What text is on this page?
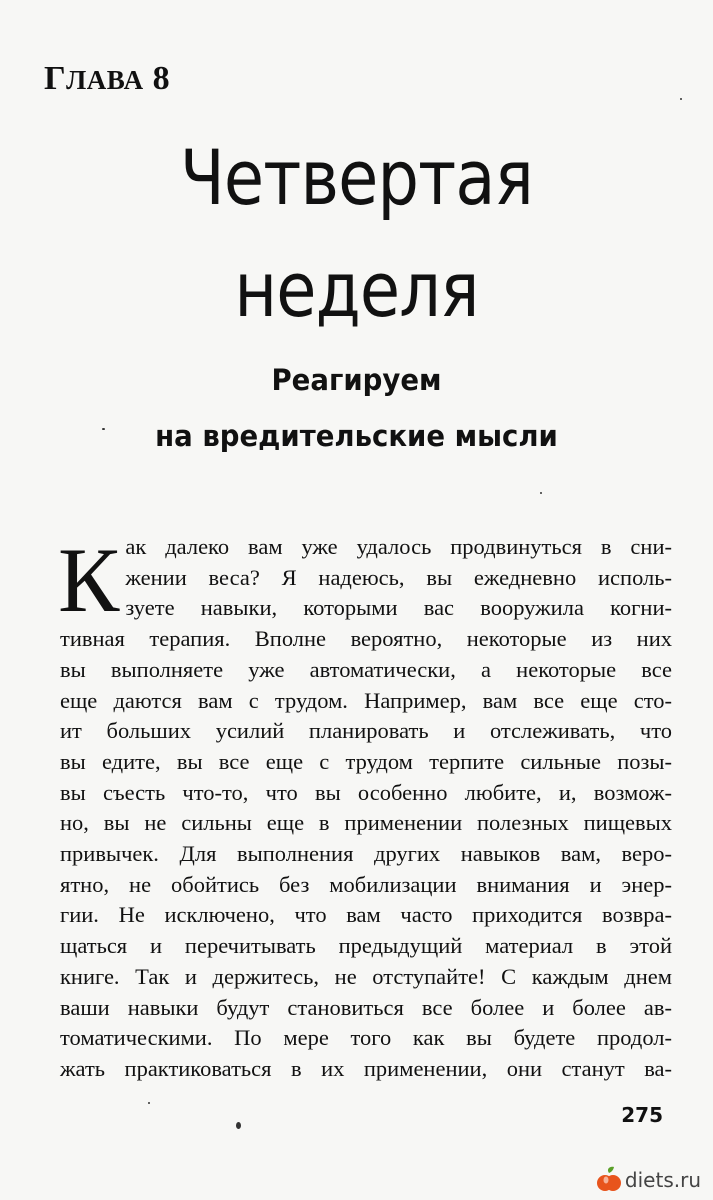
ГЛАВА 8
Четвертая
неделя
Реагируем
на вредительские мысли
К ак далеко вам уже удалось продвинуться в сни-
жении веса? Я надеюсь, вы ежедневно исполь-
зуете навыки, которыми вас вооружила когни-
тивная терапия. Вполне вероятно, некоторые из них
вы выполняете уже автоматически, а некоторые все
еще даются вам с трудом. Например, вам все еще сто-
ит больших усилий планировать и отслеживать, что
вы едите, вы все еще с трудом терпите сильные позы-
вы съесть что-то, что вы особенно любите, и, возмож-
но, вы не сильны еще в применении полезных пищевых
привычек. Для выполнения других навыков вам, веро-
ятно, не обойтись без мобилизации внимания и энер-
гии. Не исключено, что вам часто приходится возвра-
щаться и перечитывать предыдущий материал в этой
книге. Так и держитесь, не отступайте! С каждым днем
ваши навыки будут становиться все более и более ав-
томатическими. По мере того как вы будете продол-
жать практиковаться в их применении, они станут ва-
275
diets.ru
